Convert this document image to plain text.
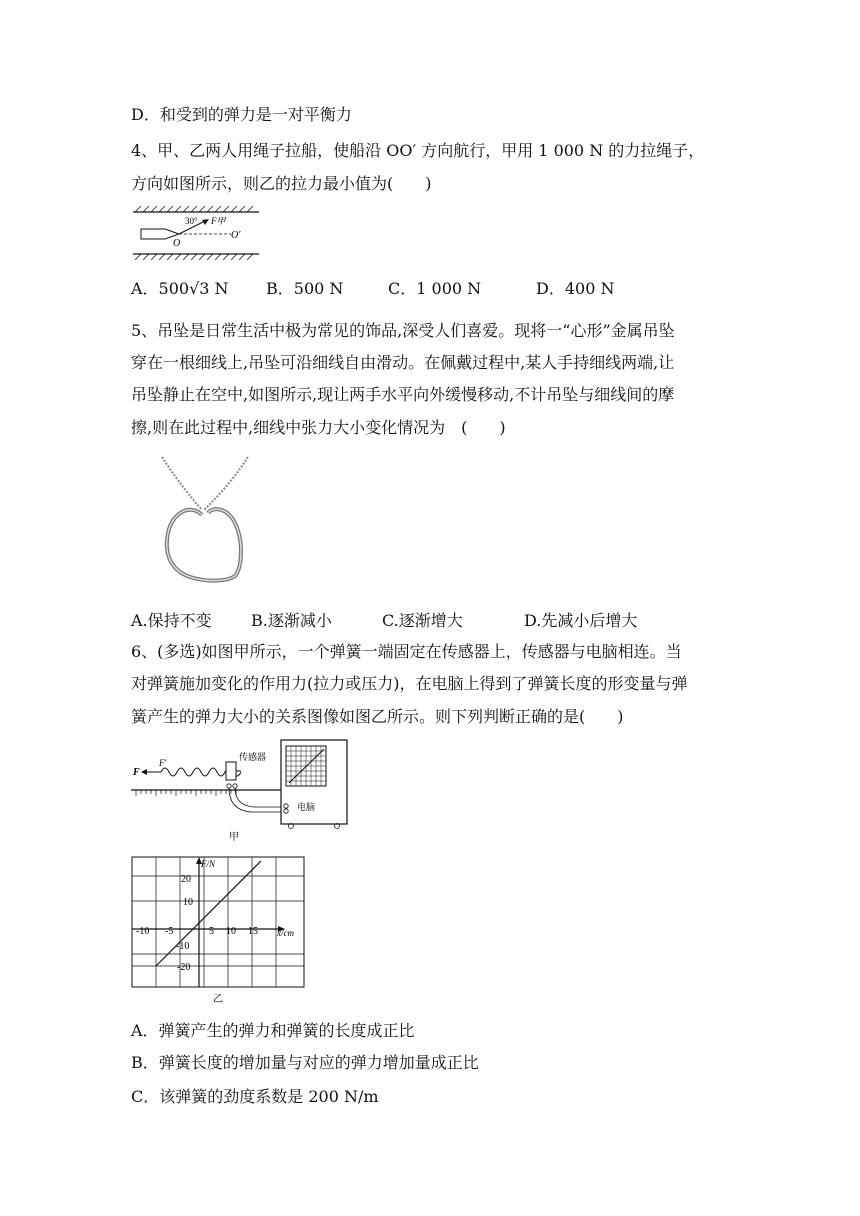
D．和受到的弹力是一对平衡力
4、甲、乙两人用绳子拉船，使船沿 OO′ 方向航行，甲用 1 000 N 的力拉绳子，
方向如图所示，则乙的拉力最小值为(　　)
30° F甲
O
O′
A．500√3 N B．500 N	C．1 000 N	D．400 N
5、吊坠是日常生活中极为常见的饰品,深受人们喜爱。现将一“心形”金属吊坠
穿在一根细线上,吊坠可沿细线自由滑动。在佩戴过程中,某人手持细线两端,让
吊坠静止在空中,如图所示,现让两手水平向外缓慢移动,不计吊坠与细线间的摩
擦,则在此过程中,细线中张力大小变化情况为　(　　)
A.保持不变 B.逐渐减小	C.逐渐增大	D.先减小后增大
6、(多选)如图甲所示，一个弹簧一端固定在传感器上，传感器与电脑相连。当
对弹簧施加变化的作用力(拉力或压力)，在电脑上得到了弹簧长度的形变量与弹
簧产生的弹力大小的关系图像如图乙所示。则下列判断正确的是(　　)
F
F′
传感器
电脑
甲
F/N
x/cm
20
10
-10
-20
-10 -5	5 10 15
乙
A．弹簧产生的弹力和弹簧的长度成正比
B．弹簧长度的增加量与对应的弹力增加量成正比
C．该弹簧的劲度系数是 200 N/m
